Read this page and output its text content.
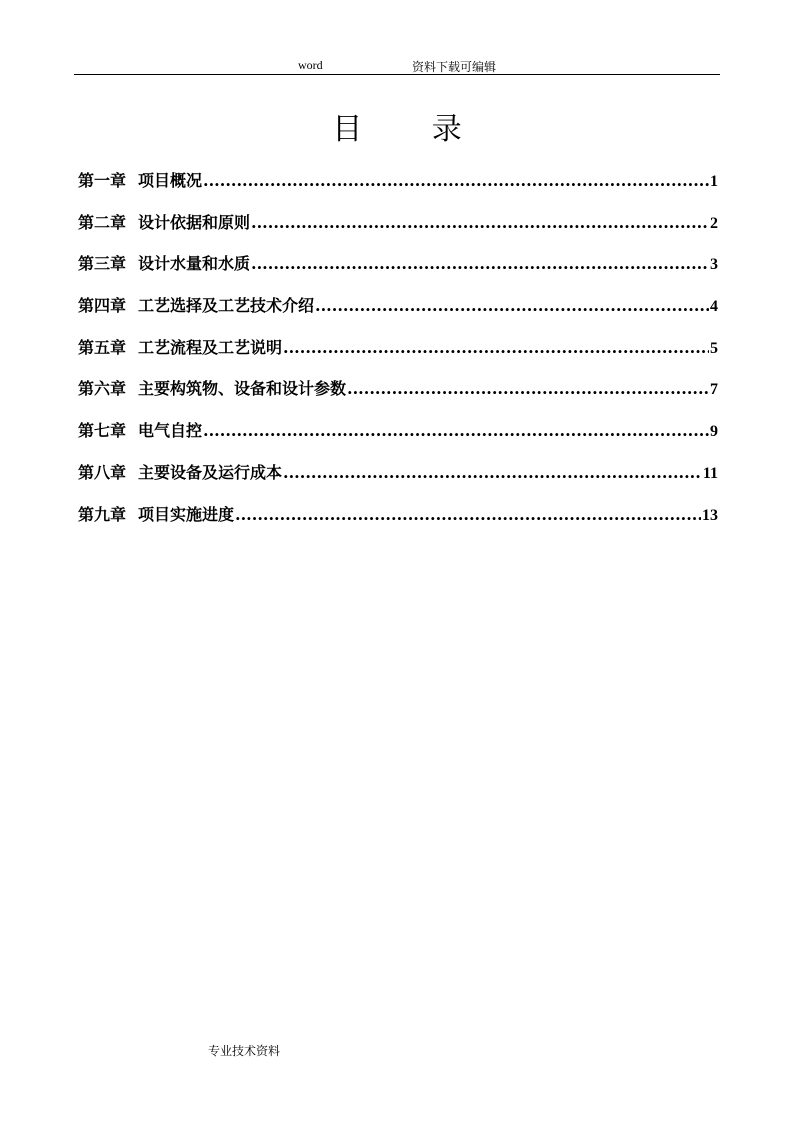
word	资料下载可编辑
目 录
第一章 项目概况 .....	1
第二章 设计依据和原则 .....	2
第三章 设计水量和水质 .....	3
第四章 工艺选择及工艺技术介绍 .....	4
第五章 工艺流程及工艺说明 .....	5
第六章 主要构筑物、设备和设计参数 .....	7
第七章 电气自控 .....	9
第八章 主要设备及运行成本 .....	11
第九章 项目实施进度 .....	13
专业技术资料
